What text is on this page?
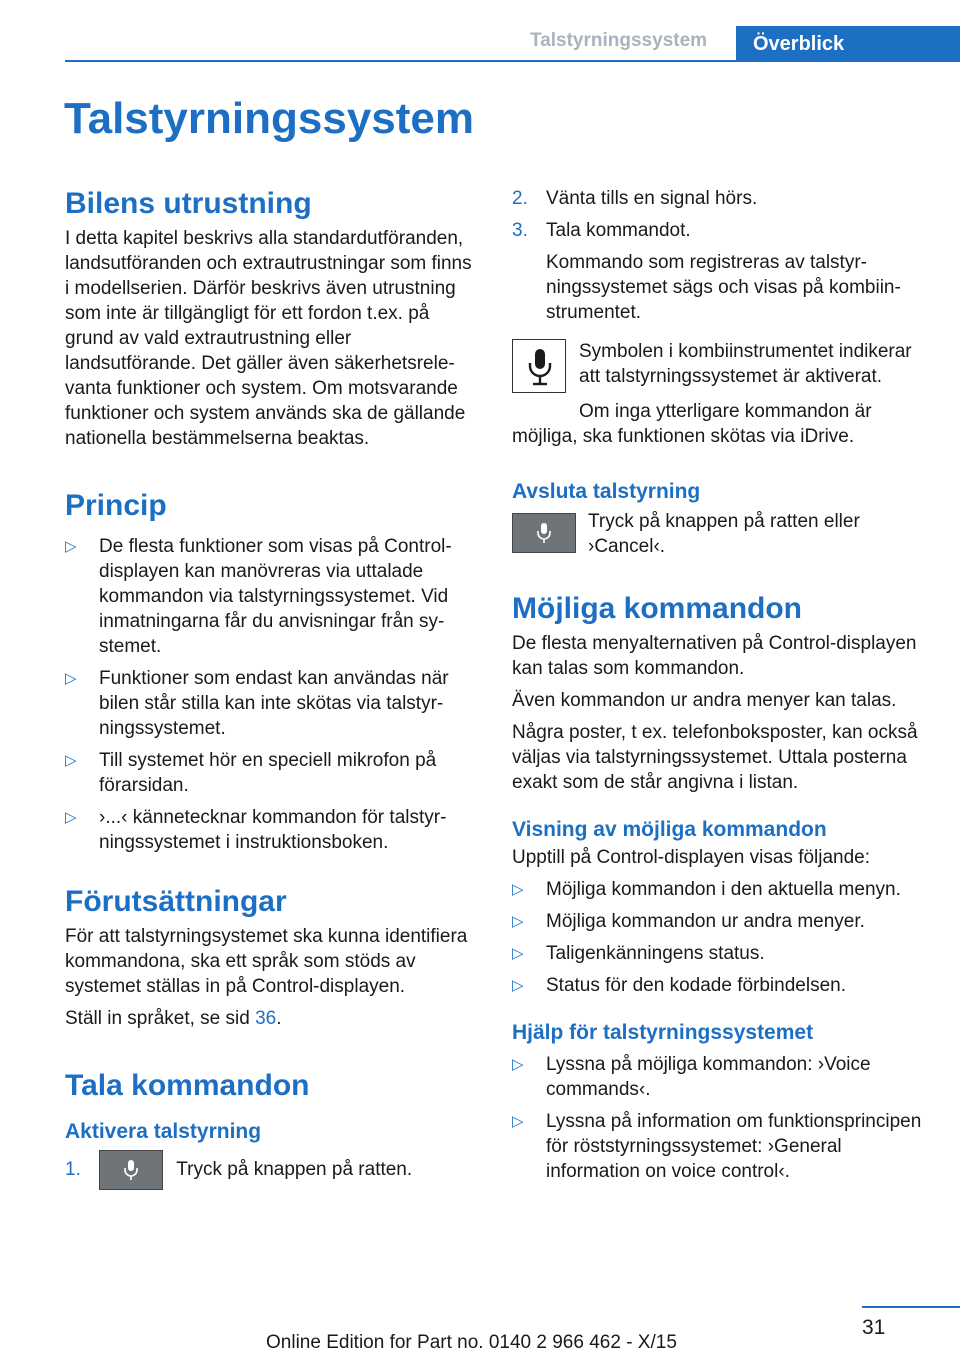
Talstyrningssystem	Överblick
Talstyrningssystem
Bilens utrustning

I detta kapitel beskrivs alla standardutföranden, landsutföranden och extrautrustningar som finns i modellserien. Därför beskrivs även utrustning som inte är tillgängligt för ett fordon t.ex. på grund av vald extrautrustning eller landsutförande. Det gäller även säkerhetsrelevanta funktioner och system. Om motsvarande funktioner och system används ska de gällande nationella bestämmelserna beaktas.

Princip
▷ De flesta funktioner som visas på Control-displayen kan manövreras via uttalade kommandon via talstyrningssystemet. Vid inmatningarna får du anvisningar från systemet.
▷ Funktioner som endast kan användas när bilen står stilla kan inte skötas via talstyrningssystemet.
▷ Till systemet hör en speciell mikrofon på förarsidan.
▷ ›...‹ kännetecknar kommandon för talstyrningssystemet i instruktionsboken.
Förutsättningar

För att talstyrningsystemet ska kunna identifiera kommandona, ska ett språk som stöds av systemet ställas in på Control-displayen.

Ställ in språket, se sid 36.

Tala kommandon
Aktivera talstyrning
1.	Tryck på knappen på ratten.
2. Vänta tills en signal hörs.
3. Tala kommandot.

Kommando som registreras av talstyrningssystemet sägs och visas på kombiinstrumentet.

Symbolen i kombiinstrumentet indikerar att talstyrningssystemet är aktiverat.

Om inga ytterligare kommandon är möjliga, ska funktionen skötas via iDrive.

Avsluta talstyrning

Tryck på knappen på ratten eller ›Cancel‹.

Möjliga kommandon

De flesta menyalternativen på Control-displayen kan talas som kommandon.

Även kommandon ur andra menyer kan talas.

Några poster, t ex. telefonboksposter, kan också väljas via talstyrningssystemet. Uttala posterna exakt som de står angivna i listan.

Visning av möjliga kommandon

Upptill på Control-displayen visas följande:

▷ Möjliga kommandon i den aktuella menyn.
▷ Möjliga kommandon ur andra menyer.
▷ Taligenkänningens status.
▷ Status för den kodade förbindelsen.
Hjälp för talstyrningssystemet
▷ Lyssna på möjliga kommandon: ›Voice commands‹.
▷ Lyssna på information om funktionsprincipen för röststyrningssystemet: ›General information on voice control‹.
31
Online Edition for Part no. 0140 2 966 462 - X/15
